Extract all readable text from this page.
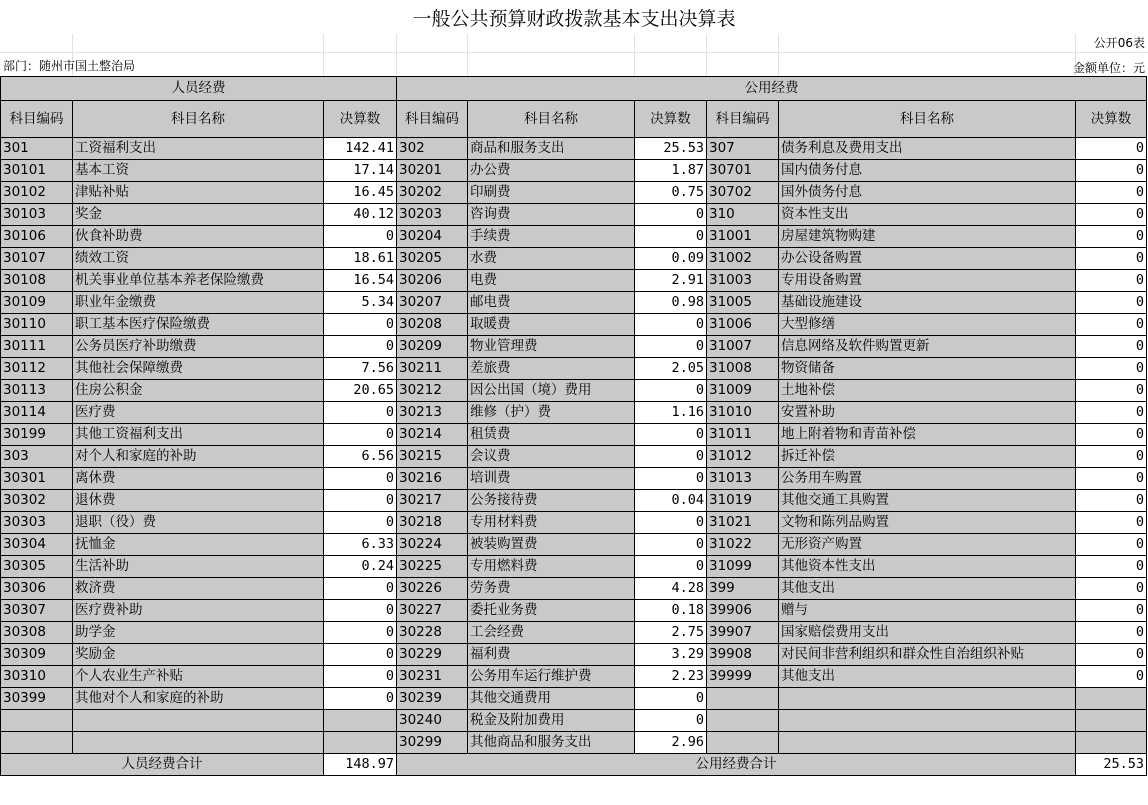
一般公共预算财政拨款基本支出决算表
公开06表
部门：随州市国土整治局	金额单位：元
人员经费			公用经费					
科目编码	科目名称	决算数	科目编码	科目名称	决算数	科目编码	科目名称	决算数
301	工资福利支出	142.41	302	商品和服务支出	25.53	307	债务利息及费用支出	0
30101	基本工资	17.14	30201	办公费	1.87	30701	国内债务付息	0
30102	津贴补贴	16.45	30202	印刷费	0.75	30702	国外债务付息	0
30103	奖金	40.12	30203	咨询费	0	310	资本性支出	0
30106	伙食补助费	0	30204	手续费	0	31001	房屋建筑物购建	0
30107	绩效工资	18.61	30205	水费	0.09	31002	办公设备购置	0
30108	机关事业单位基本养老保险缴费	16.54	30206	电费	2.91	31003	专用设备购置	0
30109	职业年金缴费	5.34	30207	邮电费	0.98	31005	基础设施建设	0
30110	职工基本医疗保险缴费	0	30208	取暖费	0	31006	大型修缮	0
30111	公务员医疗补助缴费	0	30209	物业管理费	0	31007	信息网络及软件购置更新	0
30112	其他社会保障缴费	7.56	30211	差旅费	2.05	31008	物资储备	0
30113	住房公积金	20.65	30212	因公出国（境）费用	0	31009	土地补偿	0
30114	医疗费	0	30213	维修（护）费	1.16	31010	安置补助	0
30199	其他工资福利支出	0	30214	租赁费	0	31011	地上附着物和青苗补偿	0
303	对个人和家庭的补助	6.56	30215	会议费	0	31012	拆迁补偿	0
30301	离休费	0	30216	培训费	0	31013	公务用车购置	0
30302	退休费	0	30217	公务接待费	0.04	31019	其他交通工具购置	0
30303	退职（役）费	0	30218	专用材料费	0	31021	文物和陈列品购置	0
30304	抚恤金	6.33	30224	被装购置费	0	31022	无形资产购置	0
30305	生活补助	0.24	30225	专用燃料费	0	31099	其他资本性支出	0
30306	救济费	0	30226	劳务费	4.28	399	其他支出	0
30307	医疗费补助	0	30227	委托业务费	0.18	39906	赠与	0
30308	助学金	0	30228	工会经费	2.75	39907	国家赔偿费用支出	0
30309	奖励金	0	30229	福利费	3.29	39908	对民间非营利组织和群众性自治组织补贴	0
30310	个人农业生产补贴	0	30231	公务用车运行维护费	2.23	39999	其他支出	0
30399	其他对个人和家庭的补助	0	30239	其他交通费用	0			
			30240	税金及附加费用	0			
			30299	其他商品和服务支出	2.96			
人员经费合计		148.97	公用经费合计					25.53
